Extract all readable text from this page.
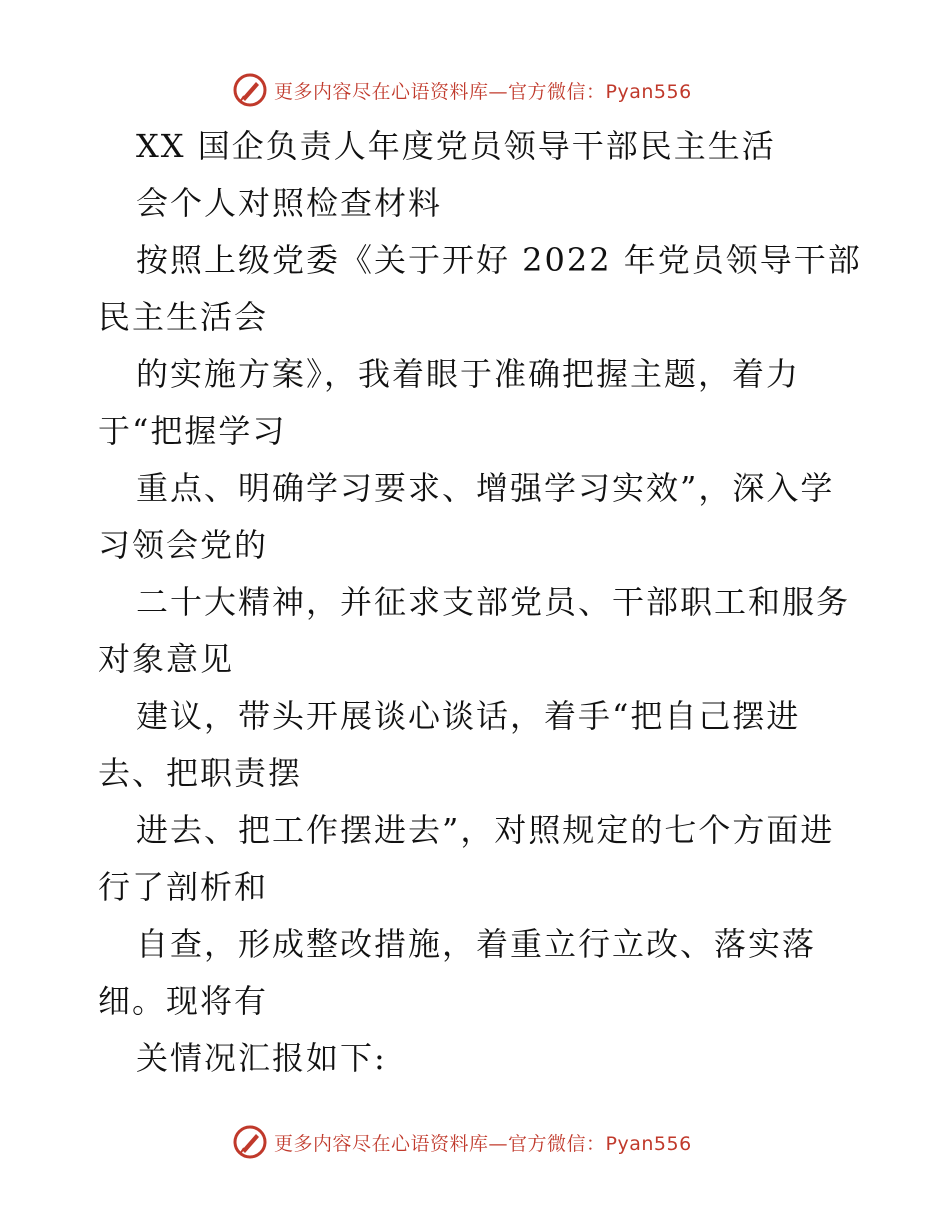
更多内容尽在心语资料库—官方微信：Pyan556
XX 国企负责人年度党员领导干部民主生活
会个人对照检查材料
按照上级党委《关于开好 2022 年党员领导干部
民主生活会
的实施方案》，我着眼于准确把握主题，着力
于“把握学习
重点、明确学习要求、增强学习实效”，深入学
习领会党的
二十大精神，并征求支部党员、干部职工和服务
对象意见
建议，带头开展谈心谈话，着手“把自己摆进
去、把职责摆
进去、把工作摆进去”，对照规定的七个方面进
行了剖析和
自查，形成整改措施，着重立行立改、落实落
细。现将有
关情况汇报如下:
更多内容尽在心语资料库—官方微信：Pyan556
